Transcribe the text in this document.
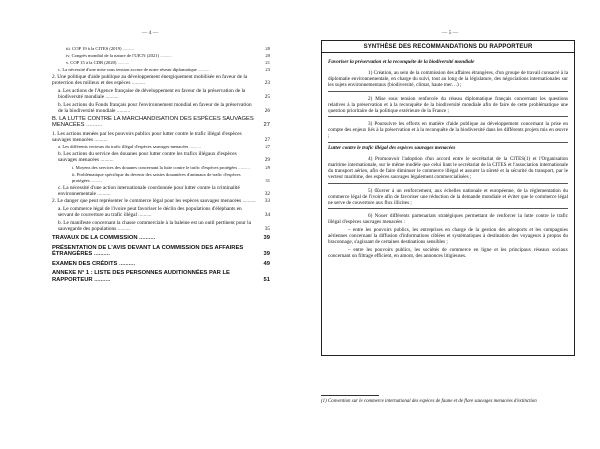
— 4 —
iii. COP 19 à la CITES (2019) ..........	20
iv. Congrès mondial de la nature de l'UICN (2021) ..........	20
v. COP 15 à la CDB (2020) ..........	21
c. La nécessité d'une mise sous tension accrue de notre réseau diplomatique ..........	23
2. Une politique d'aide publique au développement énergiquement mobilisée en faveur de la protection des milieux et des espèces ..........	23
a. Les actions de l'Agence française de développement en faveur de la préservation de la biodiversité mondiale ..........	25
b. Les actions du Fonds français pour l'environnement mondial en faveur de la préservation de la biodiversité mondiale ..........	26
B. LA LUTTE CONTRE LA MARCHANDISATION DES ESPÈCES SAUVAGES MENACÉES ..........	27
1. Les actions menées par les pouvoirs publics pour lutter contre le trafic illégal d'espèces sauvages menacées ..........	27
a. Les différents vecteurs du trafic illégal d'espèces sauvages menacées ..........	27
b. Les actions du service des douanes pour lutter contre les trafics illégaux d'espèces sauvages menacées ..........	29
i. Moyens des services des douanes concernant la lutte contre le trafic d'espèces protégées ..........	29
ii. Problématique spécifique du devenir des saisies douanières d'animaux de trafic d'espèces protégées ..........	31
c. La nécessité d'une action internationale coordonnée pour lutter contre la criminalité environnementale ..........	32
2. Le danger que peut représenter le commerce légal pour les espèces sauvages menacées ..........	33
a. Le commerce légal de l'ivoire peut favoriser le déclin des populations d'éléphants en servant de couverture au trafic illégal ..........	34
b. Le manifeste concernant la chasse commerciale à la baleine est un outil pertinent pour la sauvegarde des populations ..........	35
TRAVAUX DE LA COMMISSION ..........	39
PRÉSENTATION DE L'AVIS DEVANT LA COMMISSION DES AFFAIRES ÉTRANGÈRES ..........	39
EXAMEN DES CRÉDITS ..........	49
ANNEXE N° 1 : LISTE DES PERSONNES AUDITIONNÉES PAR LE RAPPORTEUR ..........	51
— 5 —
SYNTHÈSE DES RECOMMANDATIONS DU RAPPORTEUR
Favoriser la préservation et la reconquête de la biodiversité mondiale

1) Création, au sein de la commission des affaires étrangères, d'un groupe de travail consacré à la diplomatie environnementale, en charge du suivi, tout au long de la législature, des négociations internationales sur les sujets environnementaux (biodiversité, climat, haute mer…) ;

2) Mise sous tension renforcée du réseau diplomatique français concernant les questions relatives à la préservation et à la reconquête de la biodiversité mondiale afin de faire de cette problématique une question prioritaire de la politique extérieure de la France ;

3) Poursuivre les efforts en matière d'aide publique au développement concernant la prise en compte des enjeux liés à la préservation et à la reconquête de la biodiversité dans les différents projets mis en œuvre ;

Lutter contre le trafic illégal des espèces sauvages menacées

4) Promouvoir l'adoption d'un accord entre le secrétariat de la CITES(1) et l'Organisation maritime internationale, sur le même modèle que celui liant le secrétariat de la CITES et l'association internationale du transport aérien, afin de faire diminuer le commerce illégal et assurer la sûreté et la sécurité du transport, par le vecteur maritime, des espèces sauvages légalement commercialisées ;

5) Œuvrer à un renforcement, aux échelles nationale et européenne, de la réglementation du commerce légal de l'ivoire afin de favoriser une réduction de la demande mondiale et éviter que le commerce légal ne serve de couverture aux flux illicites ;

6) Nouer différents partenariats stratégiques permettant de renforcer la lutte contre le trafic illégal d'espèces sauvages menacées :

– entre les pouvoirs publics, les entreprises en charge de la gestion des aéroports et les compagnies aériennes concernant la diffusion d'informations ciblées et systématiques à destination des voyageurs à propos du braconnage, s'agissant de certaines destinations sensibles ;

– entre les pouvoirs publics, les sociétés de commerce en ligne et les principaux réseaux sociaux concernant un filtrage efficient, en amont, des annonces litigieuses.

(1) Convention sur le commerce international des espèces de faune et de flore sauvages menacées d'extinction
